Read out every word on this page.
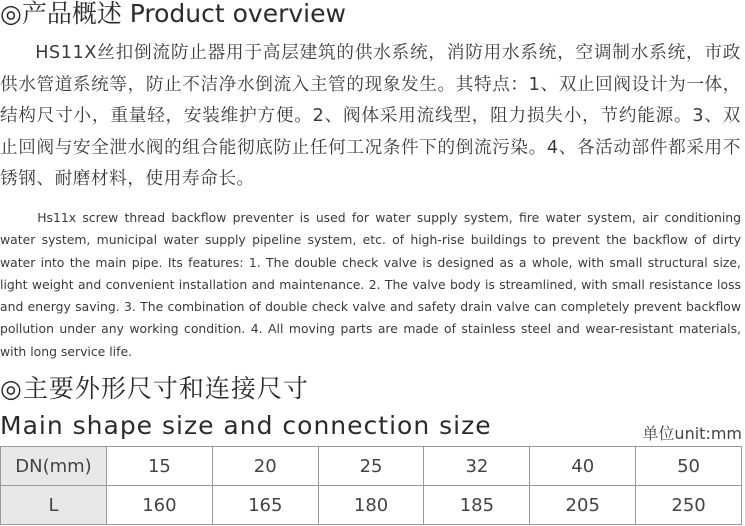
◎产品概述 Product overview

HS11X丝扣倒流防止器用于高层建筑的供水系统，消防用水系统，空调制水系统，市政供水管道系统等，防止不洁净水倒流入主管的现象发生。其特点：1、双止回阀设计为一体，结构尺寸小，重量轻，安装维护方便。2、阀体采用流线型，阻力损失小，节约能源。3、双止回阀与安全泄水阀的组合能彻底防止任何工况条件下的倒流污染。4、各活动部件都采用不锈钢、耐磨材料，使用寿命长。

Hs11x screw thread backflow preventer is used for water supply system, fire water system, air conditioning water system, municipal water supply pipeline system, etc. of high-rise buildings to prevent the backflow of dirty water into the main pipe. Its features: 1. The double check valve is designed as a whole, with small structural size, light weight and convenient installation and maintenance. 2. The valve body is streamlined, with small resistance loss and energy saving. 3. The combination of double check valve and safety drain valve can completely prevent backflow pollution under any working condition. 4. All moving parts are made of stainless steel and wear-resistant materials, with long service life.

◎主要外形尺寸和连接尺寸
Main shape size and connection size	单位unit:mm
DN(mm)	15	20	25	32	40	50
L	160	165	180	185	205	250
